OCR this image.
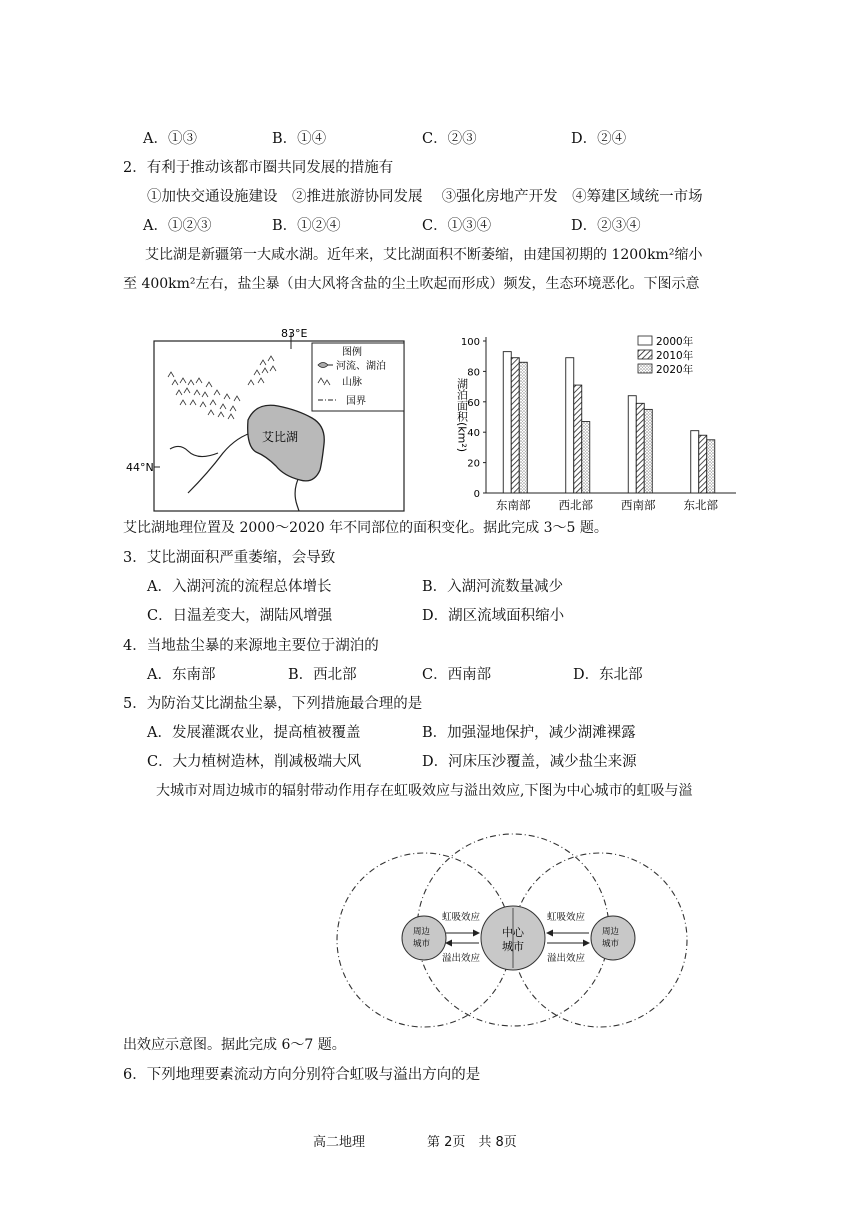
A．①③	B．①④	C．②③	D．②④
2．有利于推动该都市圈共同发展的措施有
①加快交通设施建设　②推进旅游协同发展　 ③强化房地产开发　④筹建区域统一市场
A．①②③	B．①②④	C．①③④	D．②③④
艾比湖是新疆第一大咸水湖。近年来，艾比湖面积不断萎缩，由建国初期的 1200km²缩小
至 400km²左右，盐尘暴（由大风将含盐的尘土吹起而形成）频发，生态环境恶化。下图示意
83°E
44°N
艾比湖
图例
河流、湖泊
山脉
国界
0
20
40
60
80
100
东南部 西北部 西南部 东北部
2000年
2010年
2020年
湖泊面积(km²)
艾比湖地理位置及 2000～2020 年不同部位的面积变化。据此完成 3～5 题。
3．艾比湖面积严重萎缩，会导致
A．入湖河流的流程总体增长	B．入湖河流数量减少
C．日温差变大，湖陆风增强	D．湖区流域面积缩小
4．当地盐尘暴的来源地主要位于湖泊的
A．东南部	B．西北部	C．西南部	D．东北部
5．为防治艾比湖盐尘暴，下列措施最合理的是
A．发展灌溉农业，提高植被覆盖	B．加强湿地保护，减少湖滩裸露
C．大力植树造林，削减极端大风	D．河床压沙覆盖，减少盐尘来源
大城市对周边城市的辐射带动作用存在虹吸效应与溢出效应,下图为中心城市的虹吸与溢
中心
城市
周边
城市
周边
城市
虹吸效应
溢出效应
虹吸效应
溢出效应
出效应示意图。据此完成 6～7 题。
6．下列地理要素流动方向分别符合虹吸与溢出方向的是
高二地理	第 2页　共 8页
